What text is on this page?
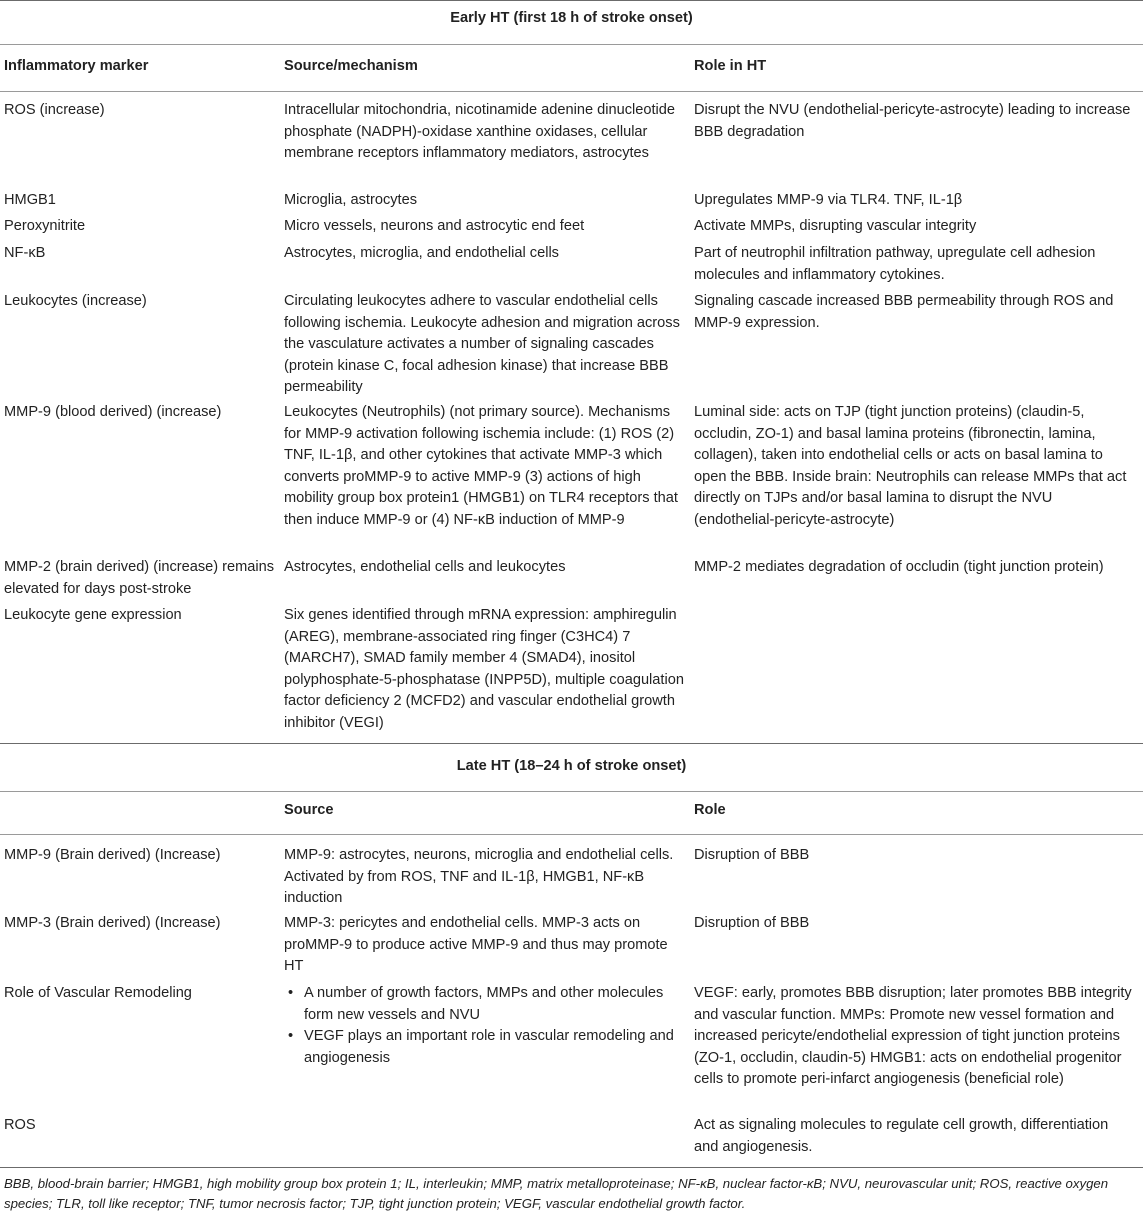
Early HT (first 18 h of stroke onset)
Inflammatory marker	Source/mechanism	Role in HT
ROS (increase)	Intracellular mitochondria, nicotinamide adenine dinucleotide phosphate (NADPH)-oxidase xanthine oxidases, cellular membrane receptors inflammatory mediators, astrocytes
Disrupt the NVU (endothelial-pericyte-astrocyte) leading to increase BBB degradation
HMGB1	Microglia, astrocytes	Upregulates MMP-9 via TLR4. TNF, IL-1β
Peroxynitrite	Micro vessels, neurons and astrocytic end feet	Activate MMPs, disrupting vascular integrity
NF-κB	Astrocytes, microglia, and endothelial cells	Part of neutrophil infiltration pathway, upregulate cell adhesion molecules and inflammatory cytokines.
Leukocytes (increase)	Circulating leukocytes adhere to vascular endothelial cells following ischemia. Leukocyte adhesion and migration across the vasculature activates a number of signaling cascades (protein kinase C, focal adhesion kinase) that increase BBB permeability
Signaling cascade increased BBB permeability through ROS and MMP-9 expression.
MMP-9 (blood derived) (increase)	Leukocytes (Neutrophils) (not primary source). Mechanisms for MMP-9 activation following ischemia include: (1) ROS (2) TNF, IL-1β, and other cytokines that activate MMP-3 which converts proMMP-9 to active MMP-9 (3) actions of high mobility group box protein1 (HMGB1) on TLR4 receptors that then induce MMP-9 or (4) NF-κB induction of MMP-9
Luminal side: acts on TJP (tight junction proteins) (claudin-5, occludin, ZO-1) and basal lamina proteins (fibronectin, lamina, collagen), taken into endothelial cells or acts on basal lamina to open the BBB. Inside brain: Neutrophils can release MMPs that act directly on TJPs and/or basal lamina to disrupt the NVU (endothelial-pericyte-astrocyte)
MMP-2 (brain derived) (increase) remains elevated for days post-stroke
Astrocytes, endothelial cells and leukocytes	MMP-2 mediates degradation of occludin (tight junction protein)
Leukocyte gene expression	Six genes identified through mRNA expression: amphiregulin (AREG), membrane-associated ring finger (C3HC4) 7 (MARCH7), SMAD family member 4 (SMAD4), inositol polyphosphate-5-phosphatase (INPP5D), multiple coagulation factor deficiency 2 (MCFD2) and vascular endothelial growth inhibitor (VEGI)
Late HT (18–24 h of stroke onset)
Source	Role
MMP-9 (Brain derived) (Increase)	MMP-9: astrocytes, neurons, microglia and endothelial cells. Activated by from ROS, TNF and IL-1β, HMGB1, NF-κB induction
Disruption of BBB
MMP-3 (Brain derived) (Increase)	MMP-3: pericytes and endothelial cells. MMP-3 acts on proMMP-9 to produce active MMP-9 and thus may promote HT
Disruption of BBB
Role of Vascular Remodeling
•	A number of growth factors, MMPs and other molecules form new vessels and NVU
• VEGF plays an important role in vascular remodeling and angiogenesis
VEGF: early, promotes BBB disruption; later promotes BBB integrity and vascular function. MMPs: Promote new vessel formation and increased pericyte/endothelial expression of tight junction proteins (ZO-1, occludin, claudin-5) HMGB1: acts on endothelial progenitor cells to promote peri-infarct angiogenesis (beneficial role)
ROS	Act as signaling molecules to regulate cell growth, differentiation and angiogenesis.
BBB, blood-brain barrier; HMGB1, high mobility group box protein 1; IL, interleukin; MMP, matrix metalloproteinase; NF-κB, nuclear factor-κB; NVU, neurovascular unit; ROS, reactive oxygen species; TLR, toll like receptor; TNF, tumor necrosis factor; TJP, tight junction protein; VEGF, vascular endothelial growth factor.
